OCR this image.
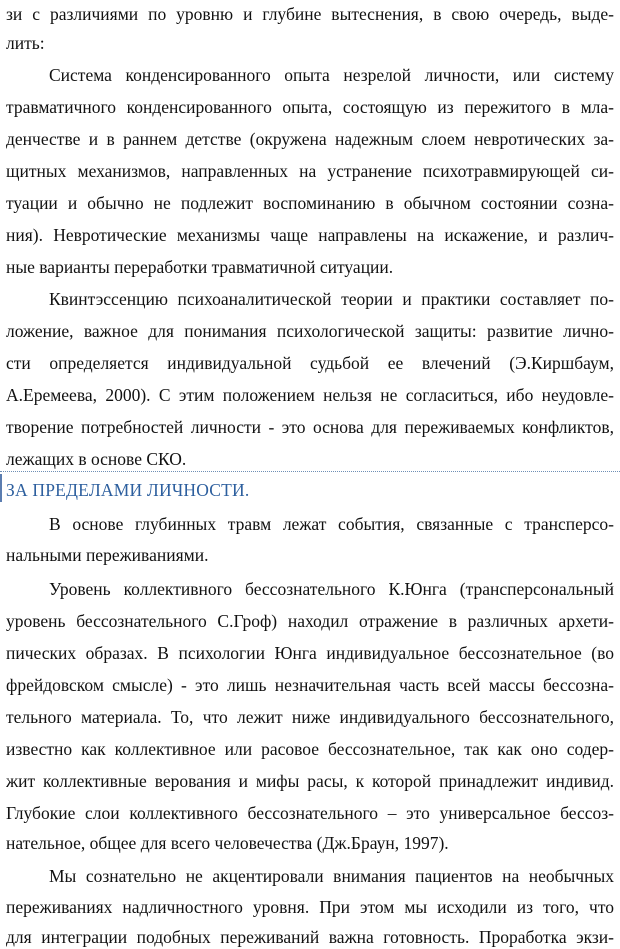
зи с различиями по уровню и глубине вытеснения, в свою очередь, выде-
лить:
Система конденсированного опыта незрелой личности, или систему
травматичного конденсированного опыта, состоящую из пережитого в мла-
денчестве и в раннем детстве (окружена надежным слоем невротических за-
щитных механизмов, направленных на устранение психотравмирующей си-
туации и обычно не подлежит воспоминанию в обычном состоянии созна-
ния). Невротические механизмы чаще направлены на искажение, и различ-
ные варианты переработки травматичной ситуации.
Квинтэссенцию психоаналитической теории и практики составляет по-
ложение, важное для понимания психологической защиты: развитие лично-
сти определяется индивидуальной судьбой ее влечений (Э.Киршбаум,
А.Еремеева, 2000). С этим положением нельзя не согласиться, ибо неудовле-
творение потребностей личности - это основа для переживаемых конфликтов,
лежащих в основе СКО.
ЗА ПРЕДЕЛАМИ ЛИЧНОСТИ.
В основе глубинных травм лежат события, связанные с трансперсо-
нальными переживаниями.
Уровень коллективного бессознательного К.Юнга (трансперсональный
уровень бессознательного С.Гроф) находил отражение в различных архети-
пических образах. В психологии Юнга индивидуальное бессознательное (во
фрейдовском смысле) - это лишь незначительная часть всей массы бессозна-
тельного материала. То, что лежит ниже индивидуального бессознательного,
известно как коллективное или расовое бессознательное, так как оно содер-
жит коллективные верования и мифы расы, к которой принадлежит индивид.
Глубокие слои коллективного бессознательного – это универсальное бессоз-
нательное, общее для всего человечества (Дж.Браун, 1997).
Мы сознательно не акцентировали внимания пациентов на необычных
переживаниях надличностного уровня. При этом мы исходили из того, что
для интеграции подобных переживаний важна готовность. Проработка экзи-
